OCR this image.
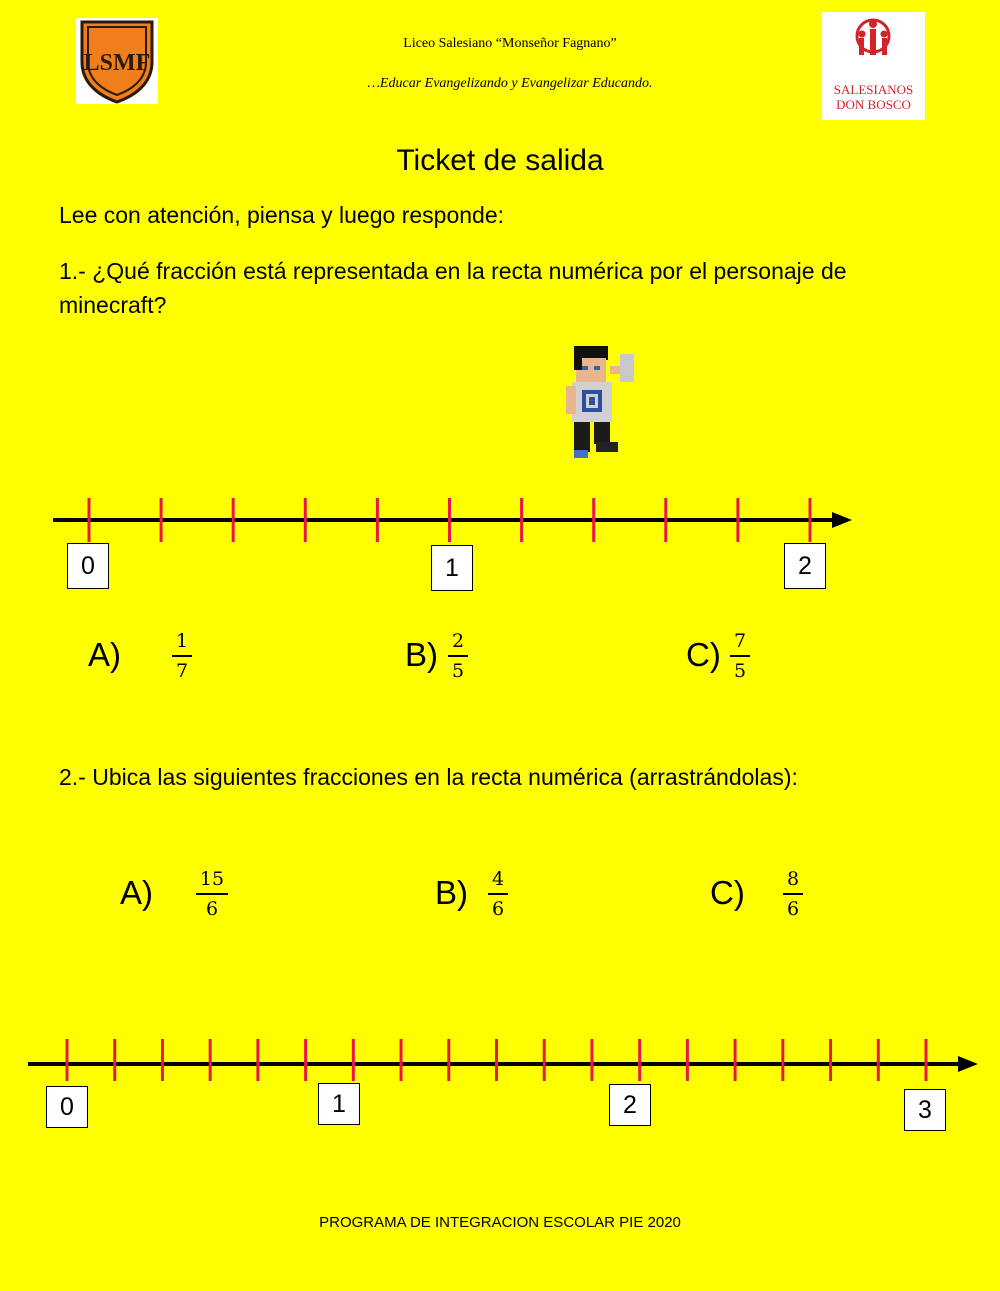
LSMF
SALESIANOS
DON BOSCO
Liceo Salesiano “Monseñor Fagnano”
…Educar Evangelizando y Evangelizar Educando.
Ticket de salida
Lee con atención, piensa y luego responde:
1.- ¿Qué fracción está representada en la recta numérica por el personaje de minecraft?
0	1	2
A)	1
7	B) 2
5	C) 7
5
2.- Ubica las siguientes fracciones en la recta numérica (arrastrándolas):
A) 15
6	B) 4
6	C) 8
6
0	1	2	3
PROGRAMA DE INTEGRACION ESCOLAR PIE 2020
